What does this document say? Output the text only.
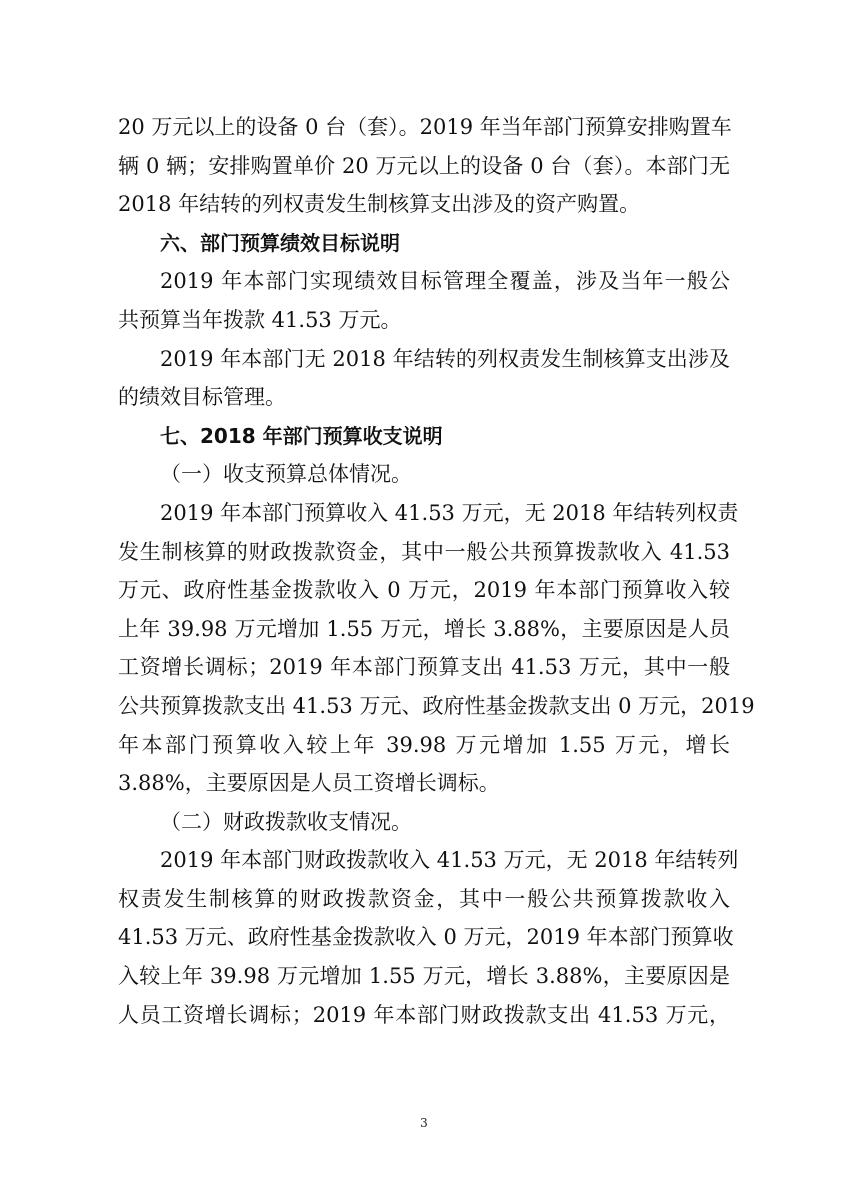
20 万元以上的设备 0 台（套）。2019 年当年部门预算安排购置车
辆 0 辆；安排购置单价 20 万元以上的设备 0 台（套）。本部门无
2018 年结转的列权责发生制核算支出涉及的资产购置。
六、部门预算绩效目标说明
2019 年本部门实现绩效目标管理全覆盖，涉及当年一般公
共预算当年拨款 41.53 万元。
2019 年本部门无 2018 年结转的列权责发生制核算支出涉及
的绩效目标管理。
七、2018 年部门预算收支说明
（一）收支预算总体情况。
2019 年本部门预算收入 41.53 万元，无 2018 年结转列权责
发生制核算的财政拨款资金，其中一般公共预算拨款收入 41.53
万元、政府性基金拨款收入 0 万元，2019 年本部门预算收入较
上年 39.98 万元增加 1.55 万元，增长 3.88%，主要原因是人员
工资增长调标；2019 年本部门预算支出 41.53 万元，其中一般
公共预算拨款支出 41.53 万元、政府性基金拨款支出 0 万元，2019
年本部门预算收入较上年 39.98 万元增加 1.55 万元，增长
3.88%，主要原因是人员工资增长调标。
（二）财政拨款收支情况。
2019 年本部门财政拨款收入 41.53 万元，无 2018 年结转列
权责发生制核算的财政拨款资金，其中一般公共预算拨款收入
41.53 万元、政府性基金拨款收入 0 万元，2019 年本部门预算收
入较上年 39.98 万元增加 1.55 万元，增长 3.88%，主要原因是
人员工资增长调标；2019 年本部门财政拨款支出 41.53 万元，
3
